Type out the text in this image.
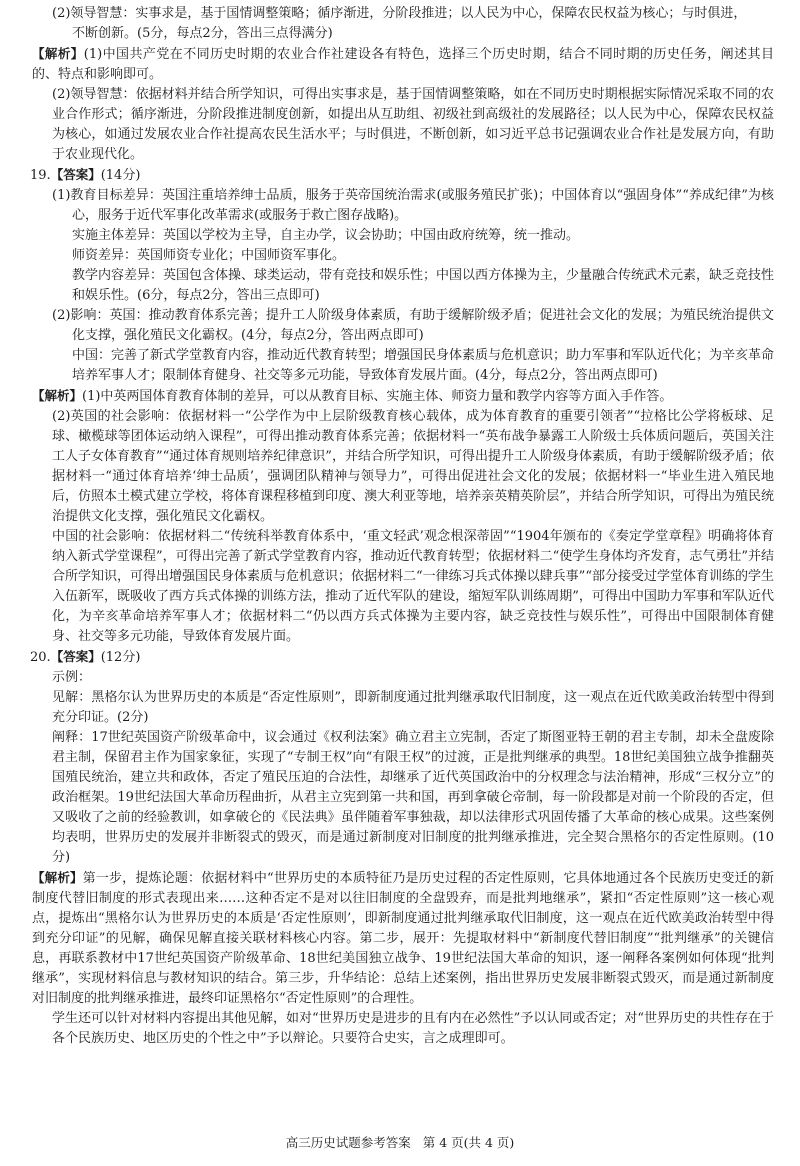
(2)领导智慧：实事求是，基于国情调整策略；循序渐进，分阶段推进；以人民为中心，保障农民权益为核心；与时俱进，

不断创新。(5分，每点2分，答出三点得满分)

【解析】(1)中国共产党在不同历史时期的农业合作社建设各有特色，选择三个历史时期，结合不同时期的历史任务，阐述其目的、特点和影响即可。

(2)领导智慧：依据材料并结合所学知识，可得出实事求是，基于国情调整策略，如在不同历史时期根据实际情况采取不同的农业合作形式；循序渐进，分阶段推进制度创新，如提出从互助组、初级社到高级社的发展路径；以人民为中心，保障农民权益为核心，如通过发展农业合作社提高农民生活水平；与时俱进，不断创新，如习近平总书记强调农业合作社是发展方向，有助于农业现代化。

19.【答案】(14分)

(1)教育目标差异：英国注重培养绅士品质，服务于英帝国统治需求(或服务殖民扩张)；中国体育以“强固身体”“养成纪律”为核心，服务于近代军事化改革需求(或服务于救亡图存战略)。

实施主体差异：英国以学校为主导，自主办学，议会协助；中国由政府统筹，统一推动。

师资差异：英国师资专业化；中国师资军事化。

教学内容差异：英国包含体操、球类运动，带有竞技和娱乐性；中国以西方体操为主，少量融合传统武术元素，缺乏竞技性和娱乐性。(6分，每点2分，答出三点即可)

(2)影响：英国：推动教育体系完善；提升工人阶级身体素质，有助于缓解阶级矛盾；促进社会文化的发展；为殖民统治提供文化支撑，强化殖民文化霸权。(4分，每点2分，答出两点即可)

中国：完善了新式学堂教育内容，推动近代教育转型；增强国民身体素质与危机意识；助力军事和军队近代化；为辛亥革命培养军事人才；限制体育健身、社交等多元功能，导致体育发展片面。(4分，每点2分，答出两点即可)

【解析】(1)中英两国体育教育体制的差异，可以从教育目标、实施主体、师资力量和教学内容等方面入手作答。

(2)英国的社会影响：依据材料一“公学作为中上层阶级教育核心载体，成为体育教育的重要引领者”“拉格比公学将板球、足球、橄榄球等团体运动纳入课程”，可得出推动教育体系完善；依据材料一“英布战争暴露工人阶级士兵体质问题后，英国关注工人子女体育教育”“通过体育规则培养纪律意识”，并结合所学知识，可得出提升工人阶级身体素质，有助于缓解阶级矛盾；依据材料一“通过体育培养‘绅士品质’，强调团队精神与领导力”，可得出促进社会文化的发展；依据材料一“毕业生进入殖民地后，仿照本土模式建立学校，将体育课程移植到印度、澳大利亚等地，培养亲英精英阶层”，并结合所学知识，可得出为殖民统治提供文化支撑，强化殖民文化霸权。

中国的社会影响：依据材料二“传统科举教育体系中，‘重文轻武’观念根深蒂固”“1904年颁布的《奏定学堂章程》明确将体育纳入新式学堂课程”，可得出完善了新式学堂教育内容，推动近代教育转型；依据材料二“使学生身体均齐发育，志气勇壮”并结合所学知识，可得出增强国民身体素质与危机意识；依据材料二“一律练习兵式体操以肆兵事”“部分接受过学堂体育训练的学生入伍新军，既吸收了西方兵式体操的训练方法，推动了近代军队的建设，缩短军队训练周期”，可得出中国助力军事和军队近代化，为辛亥革命培养军事人才；依据材料二“仍以西方兵式体操为主要内容，缺乏竞技性与娱乐性”，可得出中国限制体育健身、社交等多元功能，导致体育发展片面。

20.【答案】(12分)

示例：

见解：黑格尔认为世界历史的本质是“否定性原则”，即新制度通过批判继承取代旧制度，这一观点在近代欧美政治转型中得到充分印证。(2分)

阐释：17世纪英国资产阶级革命中，议会通过《权利法案》确立君主立宪制，否定了斯图亚特王朝的君主专制，却未全盘废除君主制，保留君主作为国家象征，实现了“专制王权”向“有限王权”的过渡，正是批判继承的典型。18世纪美国独立战争推翻英国殖民统治，建立共和政体，否定了殖民压迫的合法性，却继承了近代英国政治中的分权理念与法治精神，形成“三权分立”的政治框架。19世纪法国大革命历程曲折，从君主立宪到第一共和国，再到拿破仑帝制，每一阶段都是对前一个阶段的否定，但又吸收了之前的经验教训，如拿破仑的《民法典》虽伴随着军事独裁，却以法律形式巩固传播了大革命的核心成果。这些案例均表明，世界历史的发展并非断裂式的毁灭，而是通过新制度对旧制度的批判继承推进，完全契合黑格尔的否定性原则。(10分)

【解析】第一步，提炼论题：依据材料中“世界历史的本质特征乃是历史过程的否定性原则，它具体地通过各个民族历史变迁的新制度代替旧制度的形式表现出来……这种否定不是对以往旧制度的全盘毁弃，而是批判地继承”，紧扣“否定性原则”这一核心观点，提炼出“黑格尔认为世界历史的本质是‘否定性原则’，即新制度通过批判继承取代旧制度，这一观点在近代欧美政治转型中得到充分印证”的见解，确保见解直接关联材料核心内容。第二步，展开：先提取材料中“新制度代替旧制度”“批判继承”的关键信息，再联系教材中17世纪英国资产阶级革命、18世纪美国独立战争、19世纪法国大革命的知识，逐一阐释各案例如何体现“批判继承”，实现材料信息与教材知识的结合。第三步，升华结论：总结上述案例，指出世界历史发展非断裂式毁灭，而是通过新制度对旧制度的批判继承推进，最终印证黑格尔“否定性原则”的合理性。

学生还可以针对材料内容提出其他见解，如对“世界历史是进步的且有内在必然性”予以认同或否定；对“世界历史的共性存在于各个民族历史、地区历史的个性之中”予以辩论。只要符合史实，言之成理即可。

高三历史试题参考答案 第 4 页(共 4 页)
